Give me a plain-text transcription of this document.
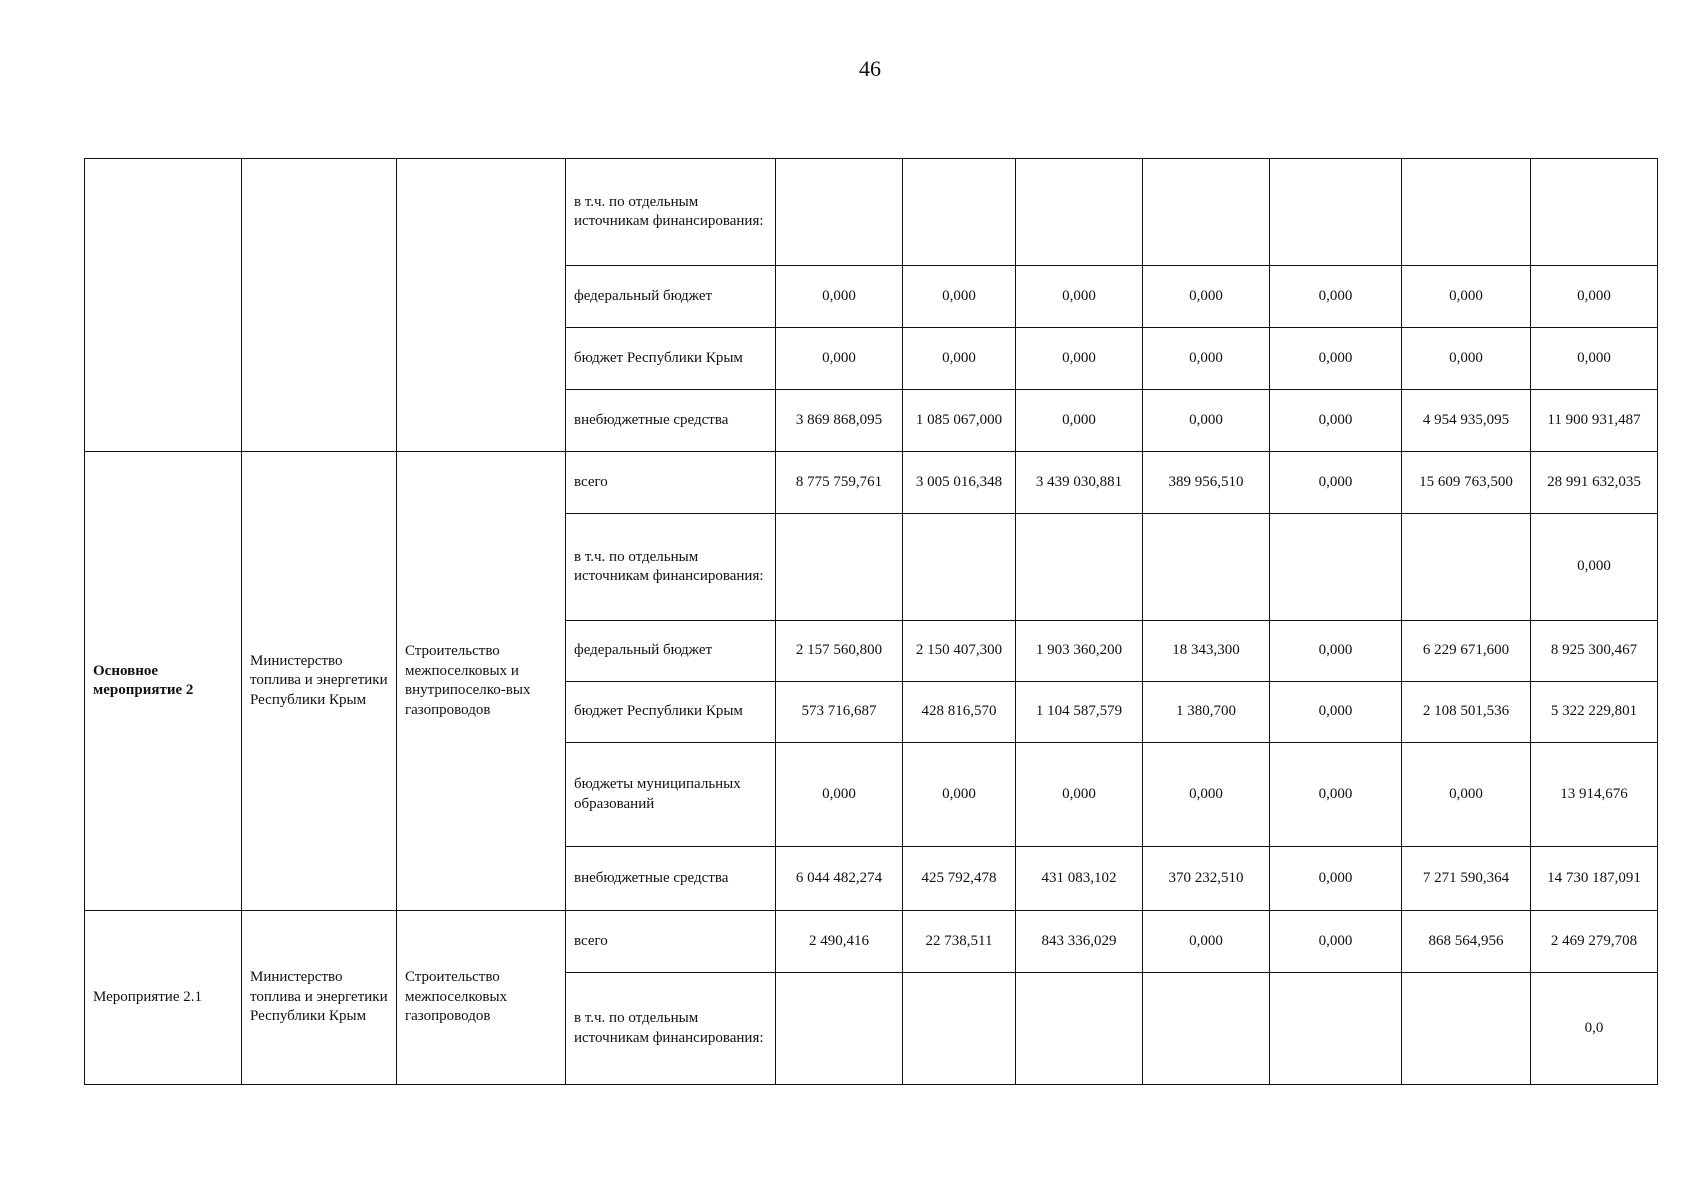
46
			в т.ч. по отдельным источникам финансирования:							
			федеральный бюджет	0,000	0,000	0,000	0,000	0,000	0,000	0,000
			бюджет Республики Крым	0,000	0,000	0,000	0,000	0,000	0,000	0,000
			внебюджетные средства	3 869 868,095	1 085 067,000	0,000	0,000	0,000	4 954 935,095	11 900 931,487
Основное мероприятие 2	Министерство топлива и энергетики Республики Крым	Строительство межпоселковых и внутрипоселко-вых газопроводов	всего	8 775 759,761	3 005 016,348	3 439 030,881	389 956,510	0,000	15 609 763,500	28 991 632,035
			в т.ч. по отдельным источникам финансирования:							0,000
			федеральный бюджет	2 157 560,800	2 150 407,300	1 903 360,200	18 343,300	0,000	6 229 671,600	8 925 300,467
			бюджет Республики Крым	573 716,687	428 816,570	1 104 587,579	1 380,700	0,000	2 108 501,536	5 322 229,801
			бюджеты муниципальных образований	0,000	0,000	0,000	0,000	0,000	0,000	13 914,676
			внебюджетные средства	6 044 482,274	425 792,478	431 083,102	370 232,510	0,000	7 271 590,364	14 730 187,091
Мероприятие 2.1	Министерство топлива и энергетики Республики Крым	Строительство межпоселковых газопроводов	всего	2 490,416	22 738,511	843 336,029	0,000	0,000	868 564,956	2 469 279,708
			в т.ч. по отдельным источникам финансирования:							0,0
